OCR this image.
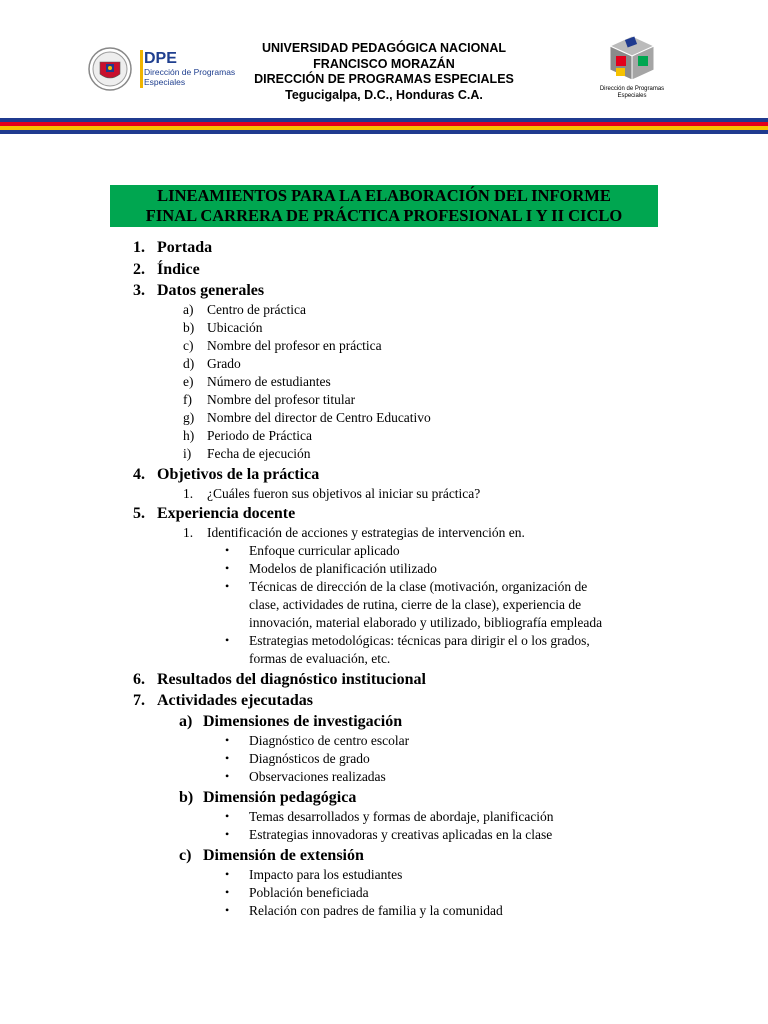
DPE
Dirección de Programas Especiales
UNIVERSIDAD PEDAGÓGICA NACIONAL
FRANCISCO MORAZÁN
DIRECCIÓN DE PROGRAMAS ESPECIALES
Tegucigalpa, D.C., Honduras C.A.	Dirección de Programas Especiales
LINEAMIENTOS PARA LA ELABORACIÓN DEL INFORME
FINAL CARRERA DE PRÁCTICA PROFESIONAL I Y II CICLO
1. Portada
2. Índice
3. Datos generales
a) Centro de práctica
b) Ubicación
c) Nombre del profesor en práctica
d) Grado
e) Número de estudiantes
f) Nombre del profesor titular
g) Nombre del director de Centro Educativo
h) Periodo de Práctica
i) Fecha de ejecución
4. Objetivos de la práctica
1. ¿Cuáles fueron sus objetivos al iniciar su práctica?
5. Experiencia docente
1. Identificación de acciones y estrategias de intervención en.
• Enfoque curricular aplicado
• Modelos de planificación utilizado
• Técnicas de dirección de la clase (motivación, organización de
clase, actividades de rutina, cierre de la clase), experiencia de
innovación, material elaborado y utilizado, bibliografía empleada
• Estrategias metodológicas: técnicas para dirigir el o los grados,
formas de evaluación, etc.
6. Resultados del diagnóstico institucional
7. Actividades ejecutadas
a) Dimensiones de investigación
• Diagnóstico de centro escolar
• Diagnósticos de grado
• Observaciones realizadas
b) Dimensión pedagógica
• Temas desarrollados y formas de abordaje, planificación
• Estrategias innovadoras y creativas aplicadas en la clase
c) Dimensión de extensión
• Impacto para los estudiantes
• Población beneficiada
• Relación con padres de familia y la comunidad
